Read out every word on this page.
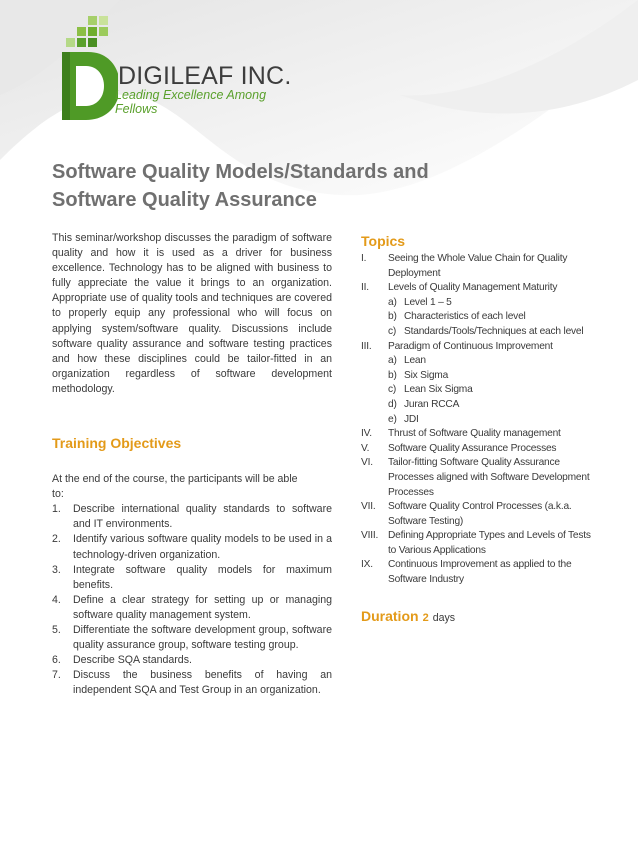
DIGILEAF INC.
Leading Excellence Among Fellows
Software Quality Models/Standards and
Software Quality Assurance

This seminar/workshop discusses the paradigm of software quality and how it is used as a driver for business excellence. Technology has to be aligned with business to fully appreciate the value it brings to an organization. Appropriate use of quality tools and techniques are covered to properly equip any professional who will focus on applying system/software quality. Discussions include software quality assurance and software testing practices and how these disciplines could be tailor-fitted in an organization regardless of software development methodology.

Training Objectives

At the end of the course, the participants will be able to:

1. Describe international quality standards to software and IT environments.
2. Identify various software quality models to be used in a technology-driven organization.
3. Integrate software quality models for maximum benefits.
4. Define a clear strategy for setting up or managing software quality management system.
5. Differentiate the software development group, software quality assurance group, software testing group.
6. Describe SQA standards.
7. Discuss the business benefits of having an independent SQA and Test Group in an organization.
Topics
I. Seeing the Whole Value Chain for Quality Deployment
II. Levels of Quality Management Maturity
a) Level 1 – 5
b) Characteristics of each level
c) Standards/Tools/Techniques at each level
III. Paradigm of Continuous Improvement
a) Lean
b) Six Sigma
c) Lean Six Sigma
d) Juran RCCA
e) JDI
IV. Thrust of Software Quality management
V. Software Quality Assurance Processes
VI. Tailor-fitting Software Quality Assurance Processes aligned with Software Development Processes
VII. Software Quality Control Processes (a.k.a. Software Testing)
VIII. Defining Appropriate Types and Levels of Tests to Various Applications
IX. Continuous Improvement as applied to the Software Industry
Duration 2 days
